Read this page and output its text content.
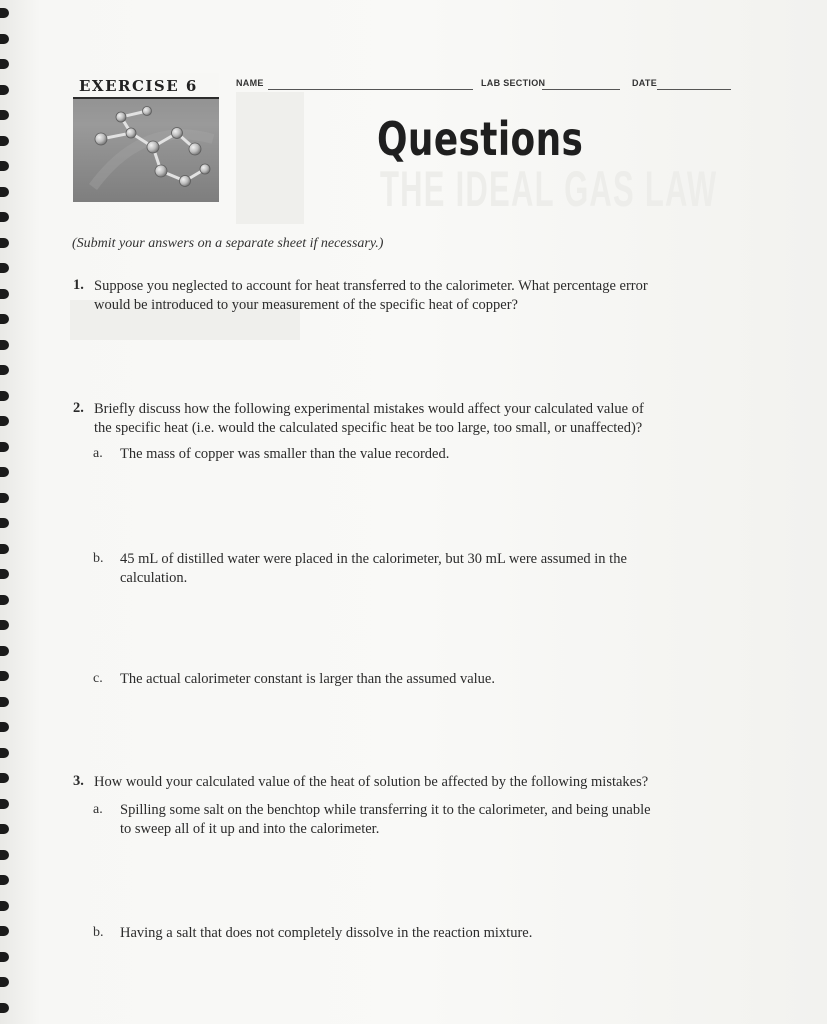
THE IDEAL GAS LAW
EXERCISE 6	NAME	LAB SECTION	DATE
Questions
(Submit your answers on a separate sheet if necessary.)
1. Suppose you neglected to account for heat transferred to the calorimeter. What percentage error
would be introduced to your measurement of the specific heat of copper?
2. Briefly discuss how the following experimental mistakes would affect your calculated value of
the specific heat (i.e. would the calculated specific heat be too large, too small, or unaffected)?
a. The mass of copper was smaller than the value recorded.
b. 45 mL of distilled water were placed in the calorimeter, but 30 mL were assumed in the
calculation.
c. The actual calorimeter constant is larger than the assumed value.
3. How would your calculated value of the heat of solution be affected by the following mistakes?
a. Spilling some salt on the benchtop while transferring it to the calorimeter, and being unable
to sweep all of it up and into the calorimeter.
b. Having a salt that does not completely dissolve in the reaction mixture.
